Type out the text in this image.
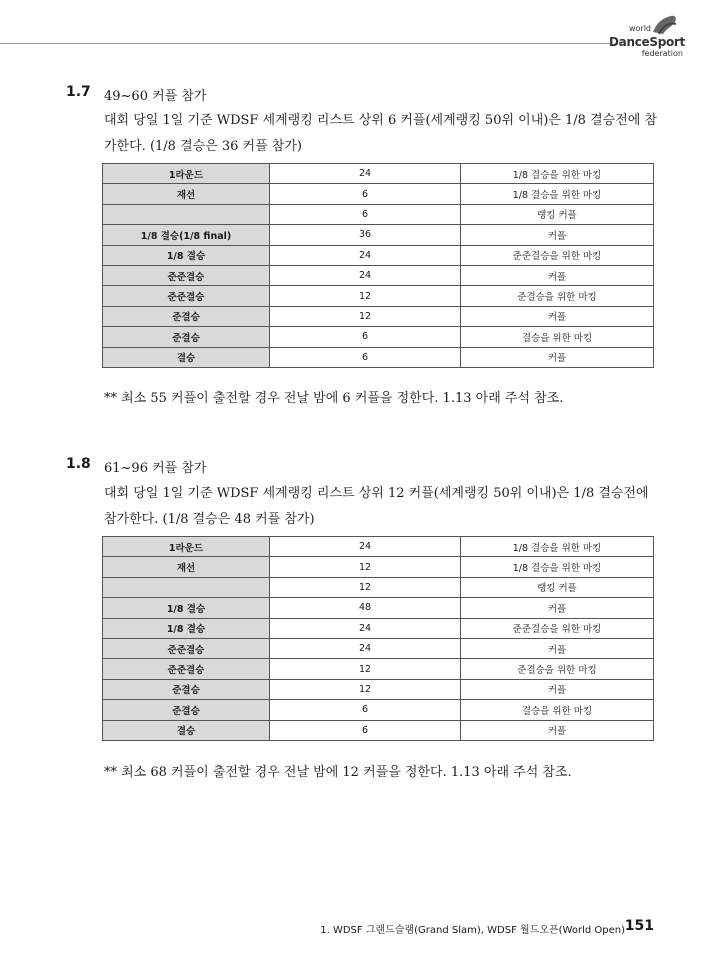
world
DanceSport
federation
1.7 49~60 커플 참가
대회 당일 1일 기준 WDSF 세계랭킹 리스트 상위 6 커플(세계랭킹 50위 이내)은 1/8 결승전에 참가한다. (1/8 결승은 36 커플 참가)
1라운드	24	1/8 결승을 위한 마킹
재선	6	1/8 결승을 위한 마킹
	6	랭킹 커플
1/8 결승(1/8 final)	36	커플
1/8 결승	24	준준결승을 위한 마킹
준준결승	24	커플
준준결승	12	준결승을 위한 마킹
준결승	12	커플
준결승	6	결승을 위한 마킹
결승	6	커플
** 최소 55 커플이 출전할 경우 전날 밤에 6 커플을 정한다. 1.13 아래 주석 참조.
1.8 61~96 커플 참가
대회 당일 1일 기준 WDSF 세계랭킹 리스트 상위 12 커플(세계랭킹 50위 이내)은 1/8 결승전에 참가한다. (1/8 결승은 48 커플 참가)
1라운드	24	1/8 결승을 위한 마킹
재선	12	1/8 결승을 위한 마킹
	12	랭킹 커플
1/8 결승	48	커플
1/8 결승	24	준준결승을 위한 마킹
준준결승	24	커플
준준결승	12	준결승을 위한 마킹
준결승	12	커플
준결승	6	결승을 위한 마킹
결승	6	커플
** 최소 68 커플이 출전할 경우 전날 밤에 12 커플을 정한다. 1.13 아래 주석 참조.
1. WDSF 그랜드슬램(Grand Slam), WDSF 월드오픈(World Open) 151
